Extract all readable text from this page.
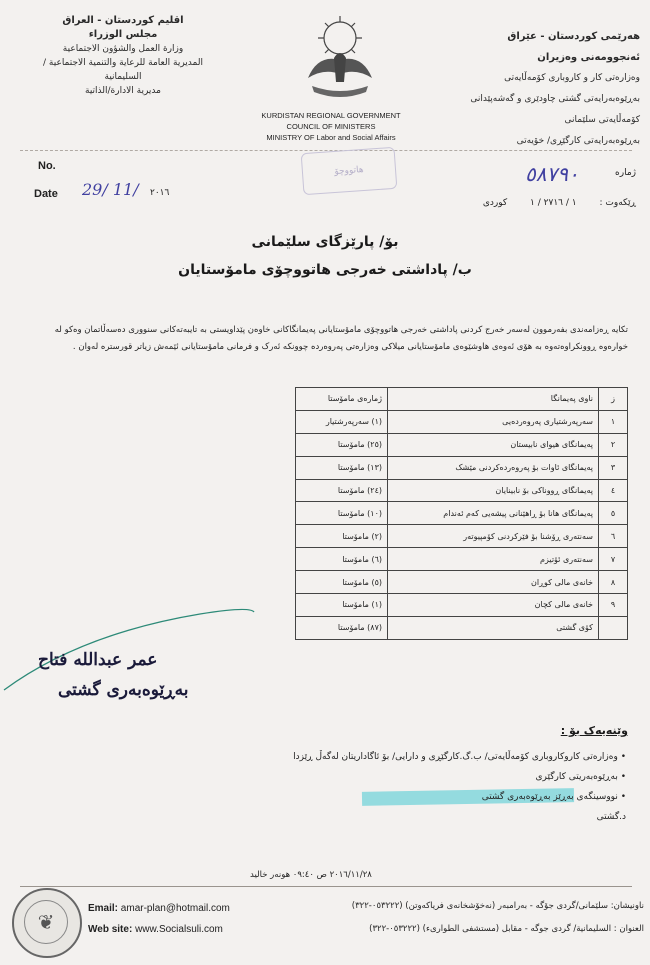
اقليم كوردستان - العراق
مجلس الوزراء
وزارة العمل والشؤون الاجتماعية
المديرية العامة للرعاية والتنمية الاجتماعية /
السليمانية
مديرية الادارة/الذاتية
هەرێمی کوردستان - عێراق
ئەنجوومەنی وەزیران
وەزارەتی کار و کاروباری کۆمەڵایەتی
بەڕێوەبەرایەتی گشتی چاودێری و گەشەپێدانی
کۆمەڵایەتی سلێمانی
بەڕێوەبەرایەتی کارگێڕی/ خۆیەتی
KURDISTAN REGIONAL GOVERNMENT
COUNCIL OF MINISTERS
MINISTRY OF Labor and Social Affairs
هاتووچۆ
No.
Date 29/ 11/ ٢٠١٦
٥٨٧٩٠	ژمارە
ڕێکەوت : ١ / ٢٧١٦ / ١ کوردی
بۆ/ پارێزگای سلێمانی
ب/ پاداشتی خەرجی هاتووچۆی مامۆستایان
تکایە ڕەزامەندی بفەرموون لەسەر خەرج کردنی پاداشتی خەرجی هاتووچۆی مامۆستایانی پەیمانگاکانی خاوەن پێداویستی بە تایبەتەکانی سنووری دەسەڵاتمان وەکو لە خوارەوە ڕوونکراوەتەوە بە هۆی ئەوەی هاوشێوەی مامۆستایانی میلاکی وەزارەتی پەروەردە چوونکە ئەرک و فرمانی مامۆستایانی ئێمەش زیاتر قورسترە لەوان .
ز	ناوی پەیمانگا	ژمارەی مامۆستا
١	سەرپەرشتیاری پەروەردەیی	(١) سەرپەرشتیار
٢	پەیمانگای هیوای نابیستان	(٢٥) مامۆستا
٣	پەیمانگای ئاوات بۆ پەروەردەکردنی مێشک	(١٣) مامۆستا
٤	پەیمانگای ڕووناکی بۆ نابینایان	(٢٤) مامۆستا
٥	پەیمانگای هانا بۆ ڕاهێنانی پیشەیی کەم ئەندام	(١٠) مامۆستا
٦	سەنتەری ڕۆشنا بۆ فێرکردنی کۆمپیوتەر	(٢) مامۆستا
٧	سەنتەری ئۆتیزم	(٦) مامۆستا
٨	خانەی مالی کوڕان	(٥) مامۆستا
٩	خانەی مالی کچان	(١) مامۆستا
	کۆی گشتی	(٨٧) مامۆستا
عمر عبدالله فتاح
بەڕێوەبەری گشتی
وێنەیەک بۆ :
• وەزارەتی کاروکاروباری کۆمەڵایەتی/ ب.گ.کارگێڕی و دارایی/ بۆ ئاگاداریتان لەگەڵ ڕێزدا
• بەڕێوەبەریتی کارگێری
• نووسینگەی بەڕێز بەڕێوەبەری گشتی
د.گشتی
٢٠١٦/١١/٢٨ ص ٠٩:٤٠ هونەر خالید
❦
Email: amar-plan@hotmail.com
Web site: www.Socialsuli.com
ناونیشان: سلێمانی/گردی جۆگە - بەرامبەر (نەخۆشخانەی فریاکەوتن) (٠٥٣٢٢٢-٣٢٢)
العنوان : السليمانية/ گردی جوگە - مقابل (مستشفى الطوارىء) (٠٥٣٢٢٢-٣٢٢)
